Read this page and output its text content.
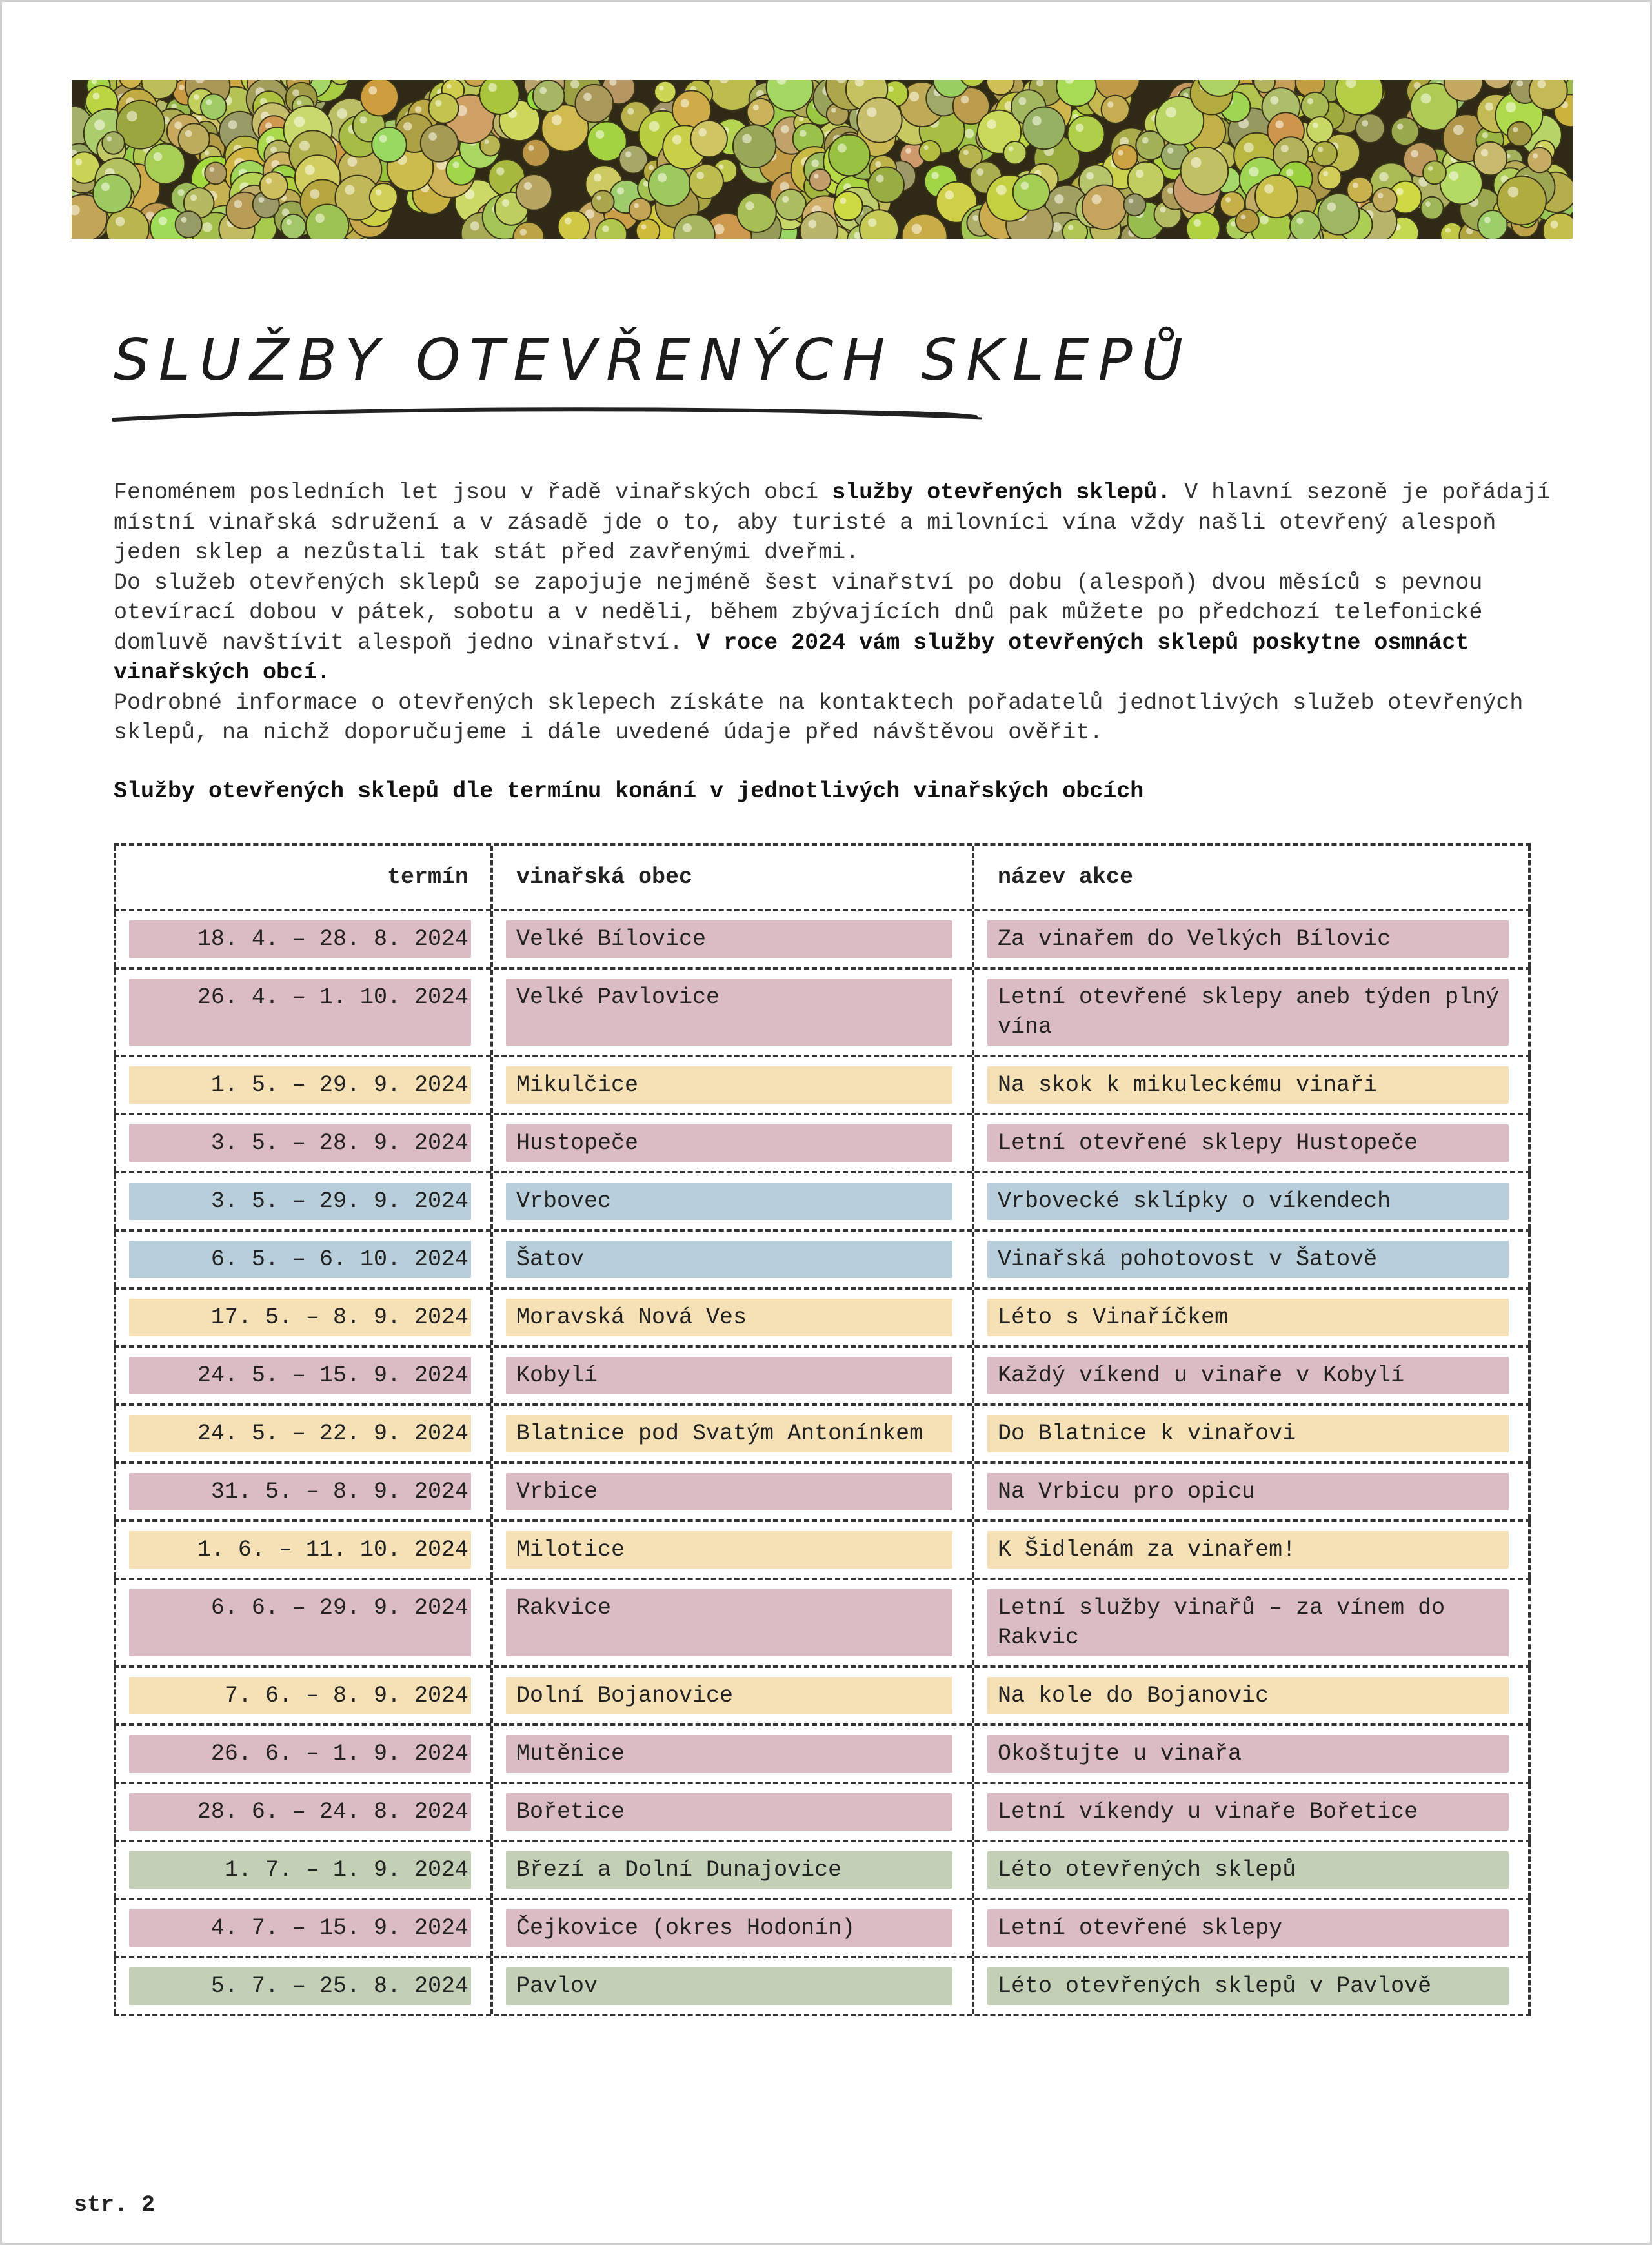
SLUŽBY OTEVŘENÝCH SKLEPŮ
Fenoménem posledních let jsou v řadě vinařských obcí služby otevřených sklepů. V hlavní sezoně je pořádají místní vinařská sdružení a v zásadě jde o to, aby turisté a milovníci vína vždy našli otevřený alespoň jeden sklep a nezůstali tak stát před zavřenými dveřmi.
Do služeb otevřených sklepů se zapojuje nejméně šest vinařství po dobu (alespoň) dvou měsíců s pevnou otevírací dobou v pátek, sobotu a v neděli, během zbývajících dnů pak můžete po předchozí telefonické domluvě navštívit alespoň jedno vinařství. V roce 2024 vám služby otevřených sklepů poskytne osmnáct vinařských obcí.
Podrobné informace o otevřených sklepech získáte na kontaktech pořadatelů jednotlivých služeb otevřených sklepů, na nichž doporučujeme i dále uvedené údaje před návštěvou ověřit.
Služby otevřených sklepů dle termínu konání v jednotlivých vinařských obcích
termín	vinařská obec	název akce
18. 4. – 28. 8. 2024	Velké Bílovice	Za vinařem do Velkých Bílovic
26. 4. – 1. 10. 2024	Velké Pavlovice	Letní otevřené sklepy aneb týden plný vína
1. 5. – 29. 9. 2024	Mikulčice	Na skok k mikuleckému vinaři
3. 5. – 28. 9. 2024	Hustopeče	Letní otevřené sklepy Hustopeče
3. 5. – 29. 9. 2024	Vrbovec	Vrbovecké sklípky o víkendech
6. 5. – 6. 10. 2024	Šatov	Vinařská pohotovost v Šatově
17. 5. – 8. 9. 2024	Moravská Nová Ves	Léto s Vinaříčkem
24. 5. – 15. 9. 2024	Kobylí	Každý víkend u vinaře v Kobylí
24. 5. – 22. 9. 2024	Blatnice pod Svatým Antonínkem	Do Blatnice k vinařovi
31. 5. – 8. 9. 2024	Vrbice	Na Vrbicu pro opicu
1. 6. – 11. 10. 2024	Milotice	K Šidlenám za vinařem!
6. 6. – 29. 9. 2024	Rakvice	Letní služby vinařů – za vínem do Rakvic
7. 6. – 8. 9. 2024	Dolní Bojanovice	Na kole do Bojanovic
26. 6. – 1. 9. 2024	Mutěnice	Okoštujte u vinařa
28. 6. – 24. 8. 2024	Bořetice	Letní víkendy u vinaře Bořetice
1. 7. – 1. 9. 2024	Březí a Dolní Dunajovice	Léto otevřených sklepů
4. 7. – 15. 9. 2024	Čejkovice (okres Hodonín)	Letní otevřené sklepy
5. 7. – 25. 8. 2024	Pavlov	Léto otevřených sklepů v Pavlově
str. 2
